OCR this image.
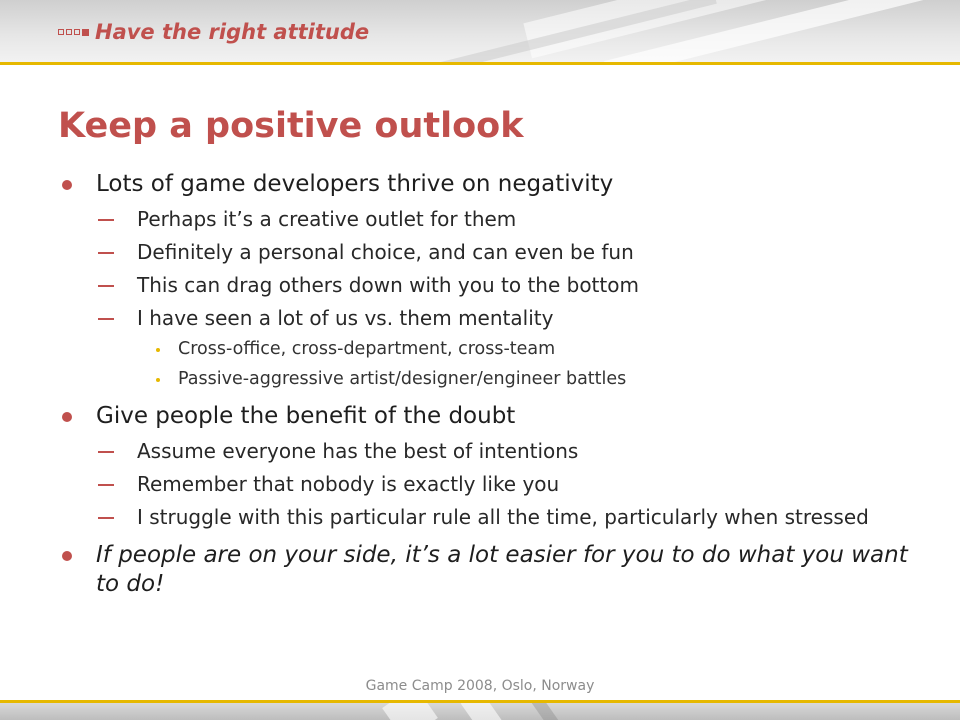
Have the right attitude
Keep a positive outlook
Lots of game developers thrive on negativity
Perhaps it’s a creative outlet for them
Definitely a personal choice, and can even be fun
This can drag others down with you to the bottom
I have seen a lot of us vs. them mentality
Cross-office, cross-department, cross-team
Passive-aggressive artist/designer/engineer battles
Give people the benefit of the doubt
Assume everyone has the best of intentions
Remember that nobody is exactly like you
I struggle with this particular rule all the time, particularly when stressed
If people are on your side, it’s a lot easier for you to do what you want to do!
Game Camp 2008, Oslo, Norway
